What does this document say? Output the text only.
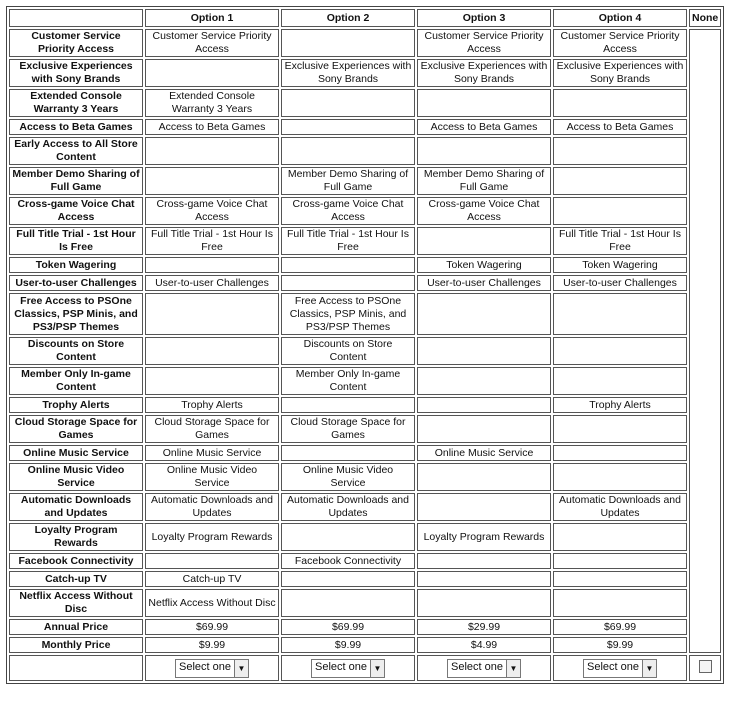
	Option 1	Option 2	Option 3	Option 4	None
Customer Service Priority Access	Customer Service Priority Access		Customer Service Priority Access	Customer Service Priority Access	
Exclusive Experiences with Sony Brands		Exclusive Experiences with Sony Brands	Exclusive Experiences with Sony Brands	Exclusive Experiences with Sony Brands	
Extended Console Warranty 3 Years	Extended Console Warranty 3 Years				
Access to Beta Games	Access to Beta Games		Access to Beta Games	Access to Beta Games	
Early Access to All Store Content					
Member Demo Sharing of Full Game		Member Demo Sharing of Full Game	Member Demo Sharing of Full Game		
Cross-game Voice Chat Access	Cross-game Voice Chat Access	Cross-game Voice Chat Access	Cross-game Voice Chat Access		
Full Title Trial - 1st Hour Is Free	Full Title Trial - 1st Hour Is Free	Full Title Trial - 1st Hour Is Free		Full Title Trial - 1st Hour Is Free	
Token Wagering			Token Wagering	Token Wagering	
User-to-user Challenges	User-to-user Challenges		User-to-user Challenges	User-to-user Challenges	
Free Access to PSOne Classics, PSP Minis, and PS3/PSP Themes		Free Access to PSOne Classics, PSP Minis, and PS3/PSP Themes			
Discounts on Store Content		Discounts on Store Content			
Member Only In-game Content		Member Only In-game Content			
Trophy Alerts	Trophy Alerts			Trophy Alerts	
Cloud Storage Space for Games	Cloud Storage Space for Games	Cloud Storage Space for Games			
Online Music Service	Online Music Service		Online Music Service		
Online Music Video Service	Online Music Video Service	Online Music Video Service			
Automatic Downloads and Updates	Automatic Downloads and Updates	Automatic Downloads and Updates		Automatic Downloads and Updates	
Loyalty Program Rewards	Loyalty Program Rewards		Loyalty Program Rewards		
Facebook Connectivity		Facebook Connectivity			
Catch-up TV	Catch-up TV				
Netflix Access Without Disc	Netflix Access Without Disc				
Annual Price	$69.99	$69.99	$29.99	$69.99	
Monthly Price	$9.99	$9.99	$4.99	$9.99	

	Select one ▼	Select one ▼	Select one ▼	Select one ▼	
